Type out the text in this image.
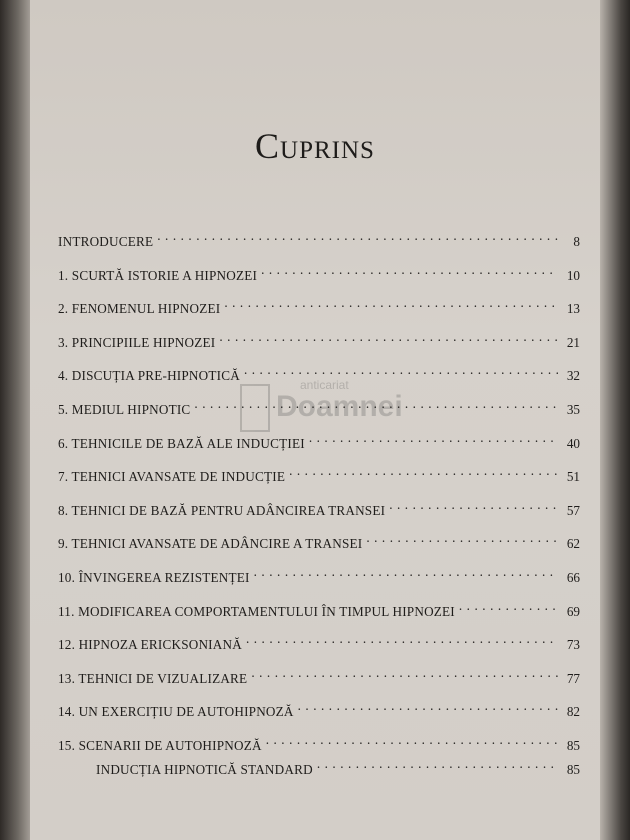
Cuprins
anticariat
Doamnei
INTRODUCERE . . .	8
1. SCURTĂ ISTORIE A HIPNOZEI . . .	10
2. FENOMENUL HIPNOZEI . . .	13
3. PRINCIPIILE HIPNOZEI . . .	21
4. DISCUȚIA PRE-HIPNOTICĂ . . .	32
5. MEDIUL HIPNOTIC . . .	35
6. TEHNICILE DE BAZĂ ALE INDUCȚIEI . . .	40
7. TEHNICI AVANSATE DE INDUCȚIE . . .	51
8. TEHNICI DE BAZĂ PENTRU ADÂNCIREA TRANSEI . . .	57
9. TEHNICI AVANSATE DE ADÂNCIRE A TRANSEI . . .	62
10. ÎNVINGEREA REZISTENȚEI . . .	66
11. MODIFICAREA COMPORTAMENTULUI ÎN TIMPUL HIPNOZEI . . .	69
12. HIPNOZA ERICKSONIANĂ . . .	73
13. TEHNICI DE VIZUALIZARE . . .	77
14. UN EXERCIȚIU DE AUTOHIPNOZĂ . . .	82
15. SCENARII DE AUTOHIPNOZĂ . . .	85
INDUCȚIA HIPNOTICĂ STANDARD . . .	85
